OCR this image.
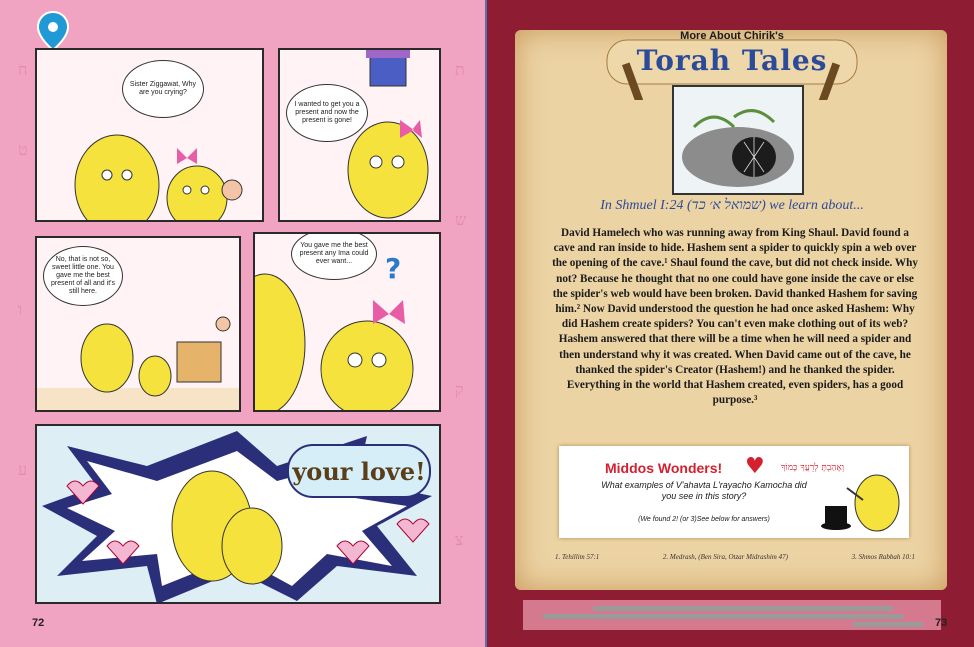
ח
ט
ו
ע
ת
ש
ק
צ
Sister Ziggawat, Why are you crying?
I wanted to get you a present and now the present is gone!
No, that is not so, sweet little one. You gave me the best present of all and it's still here.
You gave me the best present any Ima could ever want...	?
your love!
72
More About Chirik's
Torah Tales
In Shmuel I:24 (שמואל א׳ כד) we learn about...
David Hamelech who was running away from King Shaul. David found a cave and ran inside to hide. Hashem sent a spider to quickly spin a web over the opening of the cave.¹ Shaul found the cave, but did not check inside. Why not? Because he thought that no one could have gone inside the cave or else the spider's web would have been broken. David thanked Hashem for saving him.² Now David understood the question he had once asked Hashem: Why did Hashem create spiders? You can't even make clothing out of its web? Hashem answered that there will be a time when he will need a spider and then understand why it was created. When David came out of the cave, he thanked the spider's Creator (Hashem!) and he thanked the spider. Everything in the world that Hashem created, even spiders, has a good purpose.³
Middos Wonders! ♥ וְאָהַבְתָּ לְרֵעֲךָ כָּמוֹךָ
What examples of V'ahavta L'rayacho Kamocha did you see in this story?
(We found 2! (or 3)See below for answers)
1. Tehillim 57:1	2. Medrash, (Ben Sira, Otzar Midrashim 47)	3. Shmos Rabbah 10:1
73
